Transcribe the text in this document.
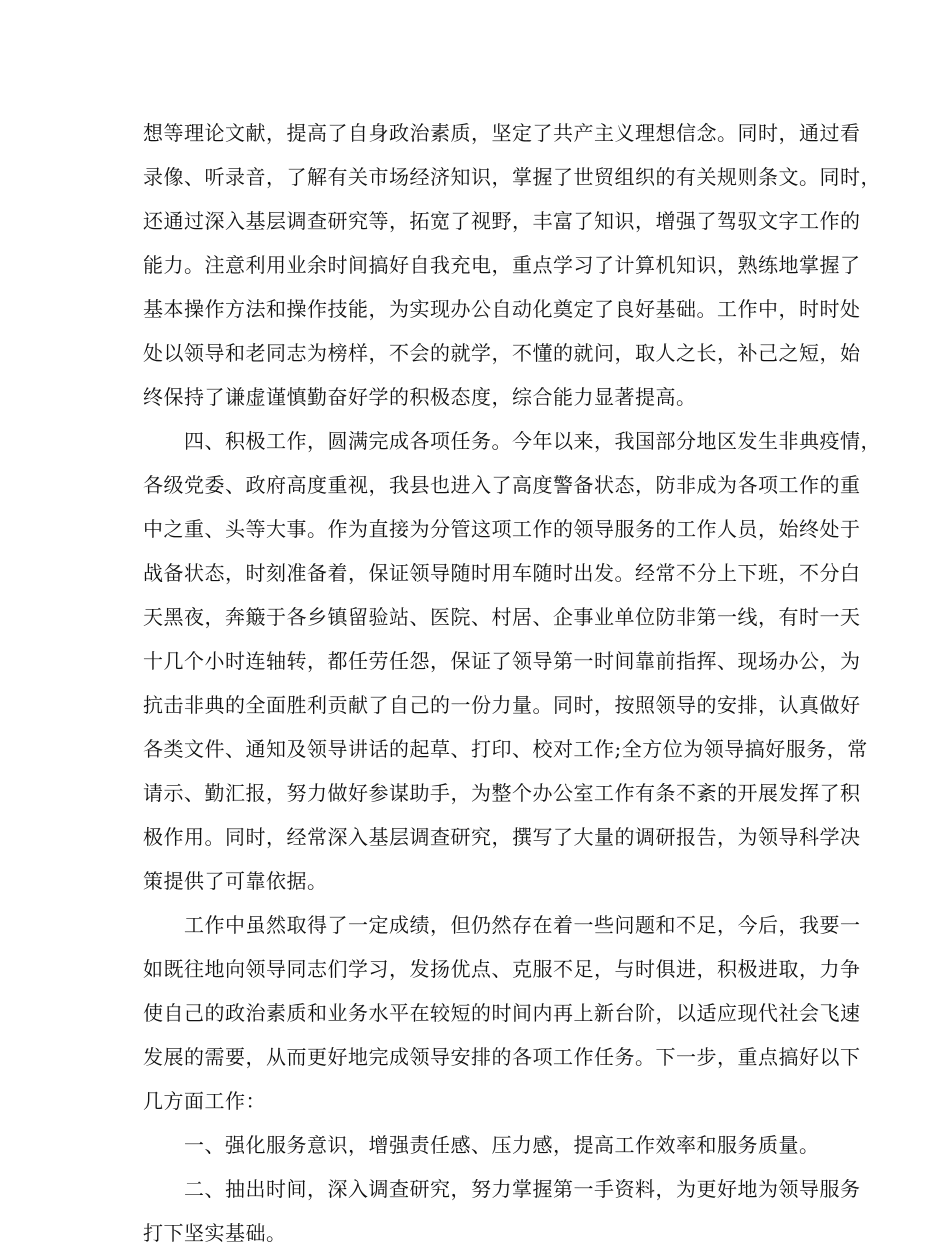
想等理论文献，提高了自身政治素质，坚定了共产主义理想信念。同时，通过看
录像、听录音，了解有关市场经济知识，掌握了世贸组织的有关规则条文。同时，
还通过深入基层调查研究等，拓宽了视野，丰富了知识，增强了驾驭文字工作的
能力。注意利用业余时间搞好自我充电，重点学习了计算机知识，熟练地掌握了
基本操作方法和操作技能，为实现办公自动化奠定了良好基础。工作中，时时处
处以领导和老同志为榜样，不会的就学，不懂的就问，取人之长，补己之短，始
终保持了谦虚谨慎勤奋好学的积极态度，综合能力显著提高。
　　四、积极工作，圆满完成各项任务。今年以来，我国部分地区发生非典疫情，
各级党委、政府高度重视，我县也进入了高度警备状态，防非成为各项工作的重
中之重、头等大事。作为直接为分管这项工作的领导服务的工作人员，始终处于
战备状态，时刻准备着，保证领导随时用车随时出发。经常不分上下班，不分白
天黑夜，奔簸于各乡镇留验站、医院、村居、企事业单位防非第一线，有时一天
十几个小时连轴转，都任劳任怨，保证了领导第一时间靠前指挥、现场办公，为
抗击非典的全面胜利贡献了自己的一份力量。同时，按照领导的安排，认真做好
各类文件、通知及领导讲话的起草、打印、校对工作;全方位为领导搞好服务，常
请示、勤汇报，努力做好参谋助手，为整个办公室工作有条不紊的开展发挥了积
极作用。同时，经常深入基层调查研究，撰写了大量的调研报告，为领导科学决
策提供了可靠依据。
　　工作中虽然取得了一定成绩，但仍然存在着一些问题和不足，今后，我要一
如既往地向领导同志们学习，发扬优点、克服不足，与时俱进，积极进取，力争
使自己的政治素质和业务水平在较短的时间内再上新台阶，以适应现代社会飞速
发展的需要，从而更好地完成领导安排的各项工作任务。下一步，重点搞好以下
几方面工作：
　　一、强化服务意识，增强责任感、压力感，提高工作效率和服务质量。
　　二、抽出时间，深入调查研究，努力掌握第一手资料，为更好地为领导服务
打下坚实基础。
